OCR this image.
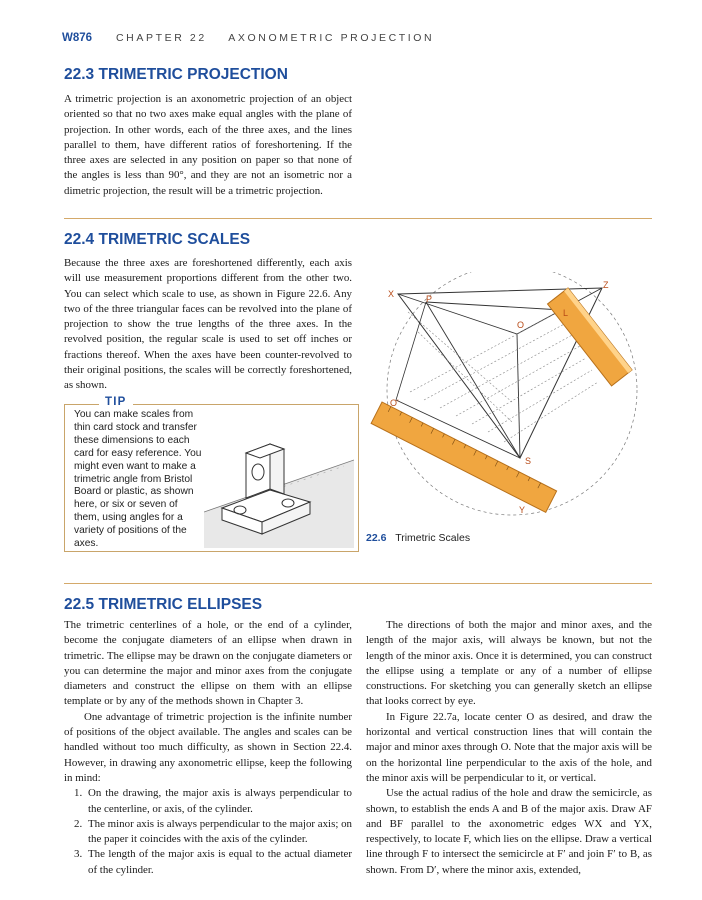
W876 CHAPTER 22 AXONOMETRIC PROJECTION
22.3 TRIMETRIC PROJECTION
A trimetric projection is an axonometric projection of an object oriented so that no two axes make equal angles with the plane of projection. In other words, each of the three axes, and the lines parallel to them, have different ratios of foreshortening. If the three axes are selected in any position on paper so that none of the angles is less than 90°, and they are not an isometric nor a dimetric projection, the result will be a trimetric projection.
22.4 TRIMETRIC SCALES
Because the three axes are foreshortened differently, each axis will use measurement proportions different from the other two. You can select which scale to use, as shown in Figure 22.6. Any two of the three triangular faces can be revolved into the plane of projection to show the true lengths of the three axes. In the revolved position, the regular scale is used to set off inches or fractions thereof. When the axes have been counter-revolved to their original positions, the scales will be correctly foreshortened, as shown.
TIP
You can make scales from thin card stock and transfer these dimensions to each card for easy reference. You might even want to make a trimetric angle from Bristol Board or plastic, as shown here, or six or seven of them, using angles for a variety of positions of the axes.
X	P
O
L
Z
O'
S
Y
22.6 Trimetric Scales
22.5 TRIMETRIC ELLIPSES
The trimetric centerlines of a hole, or the end of a cylinder, become the conjugate diameters of an ellipse when drawn in trimetric. The ellipse may be drawn on the conjugate diameters or you can determine the major and minor axes from the conjugate diameters and construct the ellipse on them with an ellipse template or by any of the methods shown in Chapter 3.
One advantage of trimetric projection is the infinite number of positions of the object available. The angles and scales can be handled without too much difficulty, as shown in Section 22.4. However, in drawing any axonometric ellipse, keep the following in mind:
1. On the drawing, the major axis is always perpendicular to the centerline, or axis, of the cylinder.
2. The minor axis is always perpendicular to the major axis; on the paper it coincides with the axis of the cylinder.
3. The length of the major axis is equal to the actual diameter of the cylinder.
The directions of both the major and minor axes, and the length of the major axis, will always be known, but not the length of the minor axis. Once it is determined, you can construct the ellipse using a template or any of a number of ellipse constructions. For sketching you can generally sketch an ellipse that looks correct by eye.
In Figure 22.7a, locate center O as desired, and draw the horizontal and vertical construction lines that will contain the major and minor axes through O. Note that the major axis will be on the horizontal line perpendicular to the axis of the hole, and the minor axis will be perpendicular to it, or vertical.
Use the actual radius of the hole and draw the semicircle, as shown, to establish the ends A and B of the major axis. Draw AF and BF parallel to the axonometric edges WX and YX, respectively, to locate F, which lies on the ellipse. Draw a vertical line through F to intersect the semicircle at F′ and join F′ to B, as shown. From D′, where the minor axis, extended,
